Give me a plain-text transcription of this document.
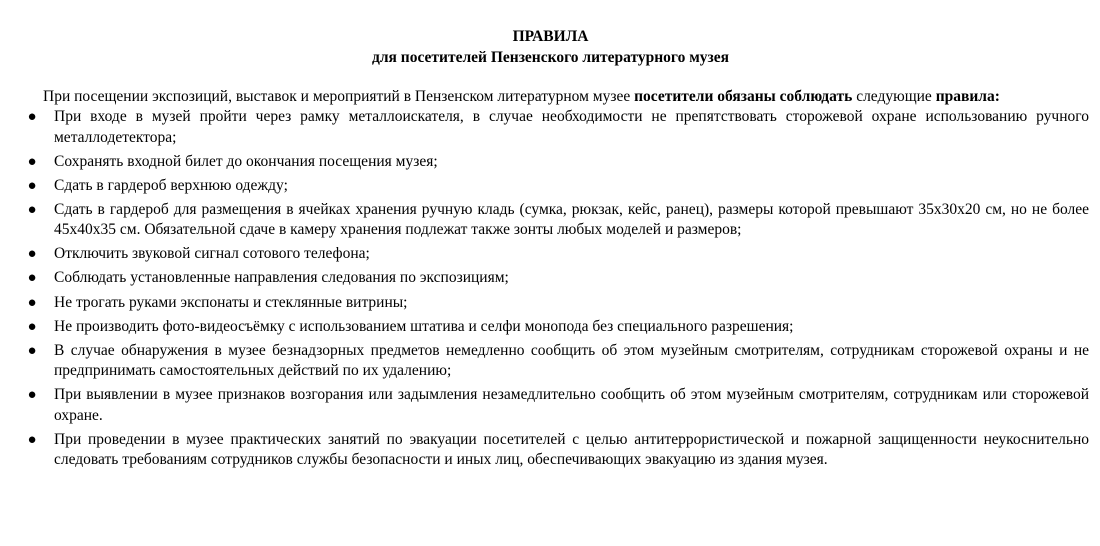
ПРАВИЛА

для посетителей Пензенского литературного музея

При посещении экспозиций, выставок и мероприятий в Пензенском литературном музее посетители обязаны соблюдать следующие правила:

● При входе в музей пройти через рамку металлоискателя, в случае необходимости не препятствовать сторожевой охране использованию ручного металлодетектора;
● Сохранять входной билет до окончания посещения музея;
● Сдать в гардероб верхнюю одежду;
● Сдать в гардероб для размещения в ячейках хранения ручную кладь (сумка, рюкзак, кейс, ранец), размеры которой превышают 35x30x20 см, но не более 45x40x35 см. Обязательной сдаче в камеру хранения подлежат также зонты любых моделей и размеров;
● Отключить звуковой сигнал сотового телефона;
● Соблюдать установленные направления следования по экспозициям;
● Не трогать руками экспонаты и стеклянные витрины;
● Не производить фото-видеосъёмку с использованием штатива и селфи моноподa без специального разрешения;
● В случае обнаружения в музее безнадзорных предметов немедленно сообщить об этом музейным смотрителям, сотрудникам сторожевой охраны и не предпринимать самостоятельных действий по их удалению;
● При выявлении в музее признаков возгорания или задымления незамедлительно сообщить об этом музейным смотрителям, сотрудникам или сторожевой охране.
● При проведении в музее практических занятий по эвакуации посетителей с целью антитеррористической и пожарной защищенности неукоснительно следовать требованиям сотрудников службы безопасности и иных лиц, обеспечивающих эвакуацию из здания музея.
